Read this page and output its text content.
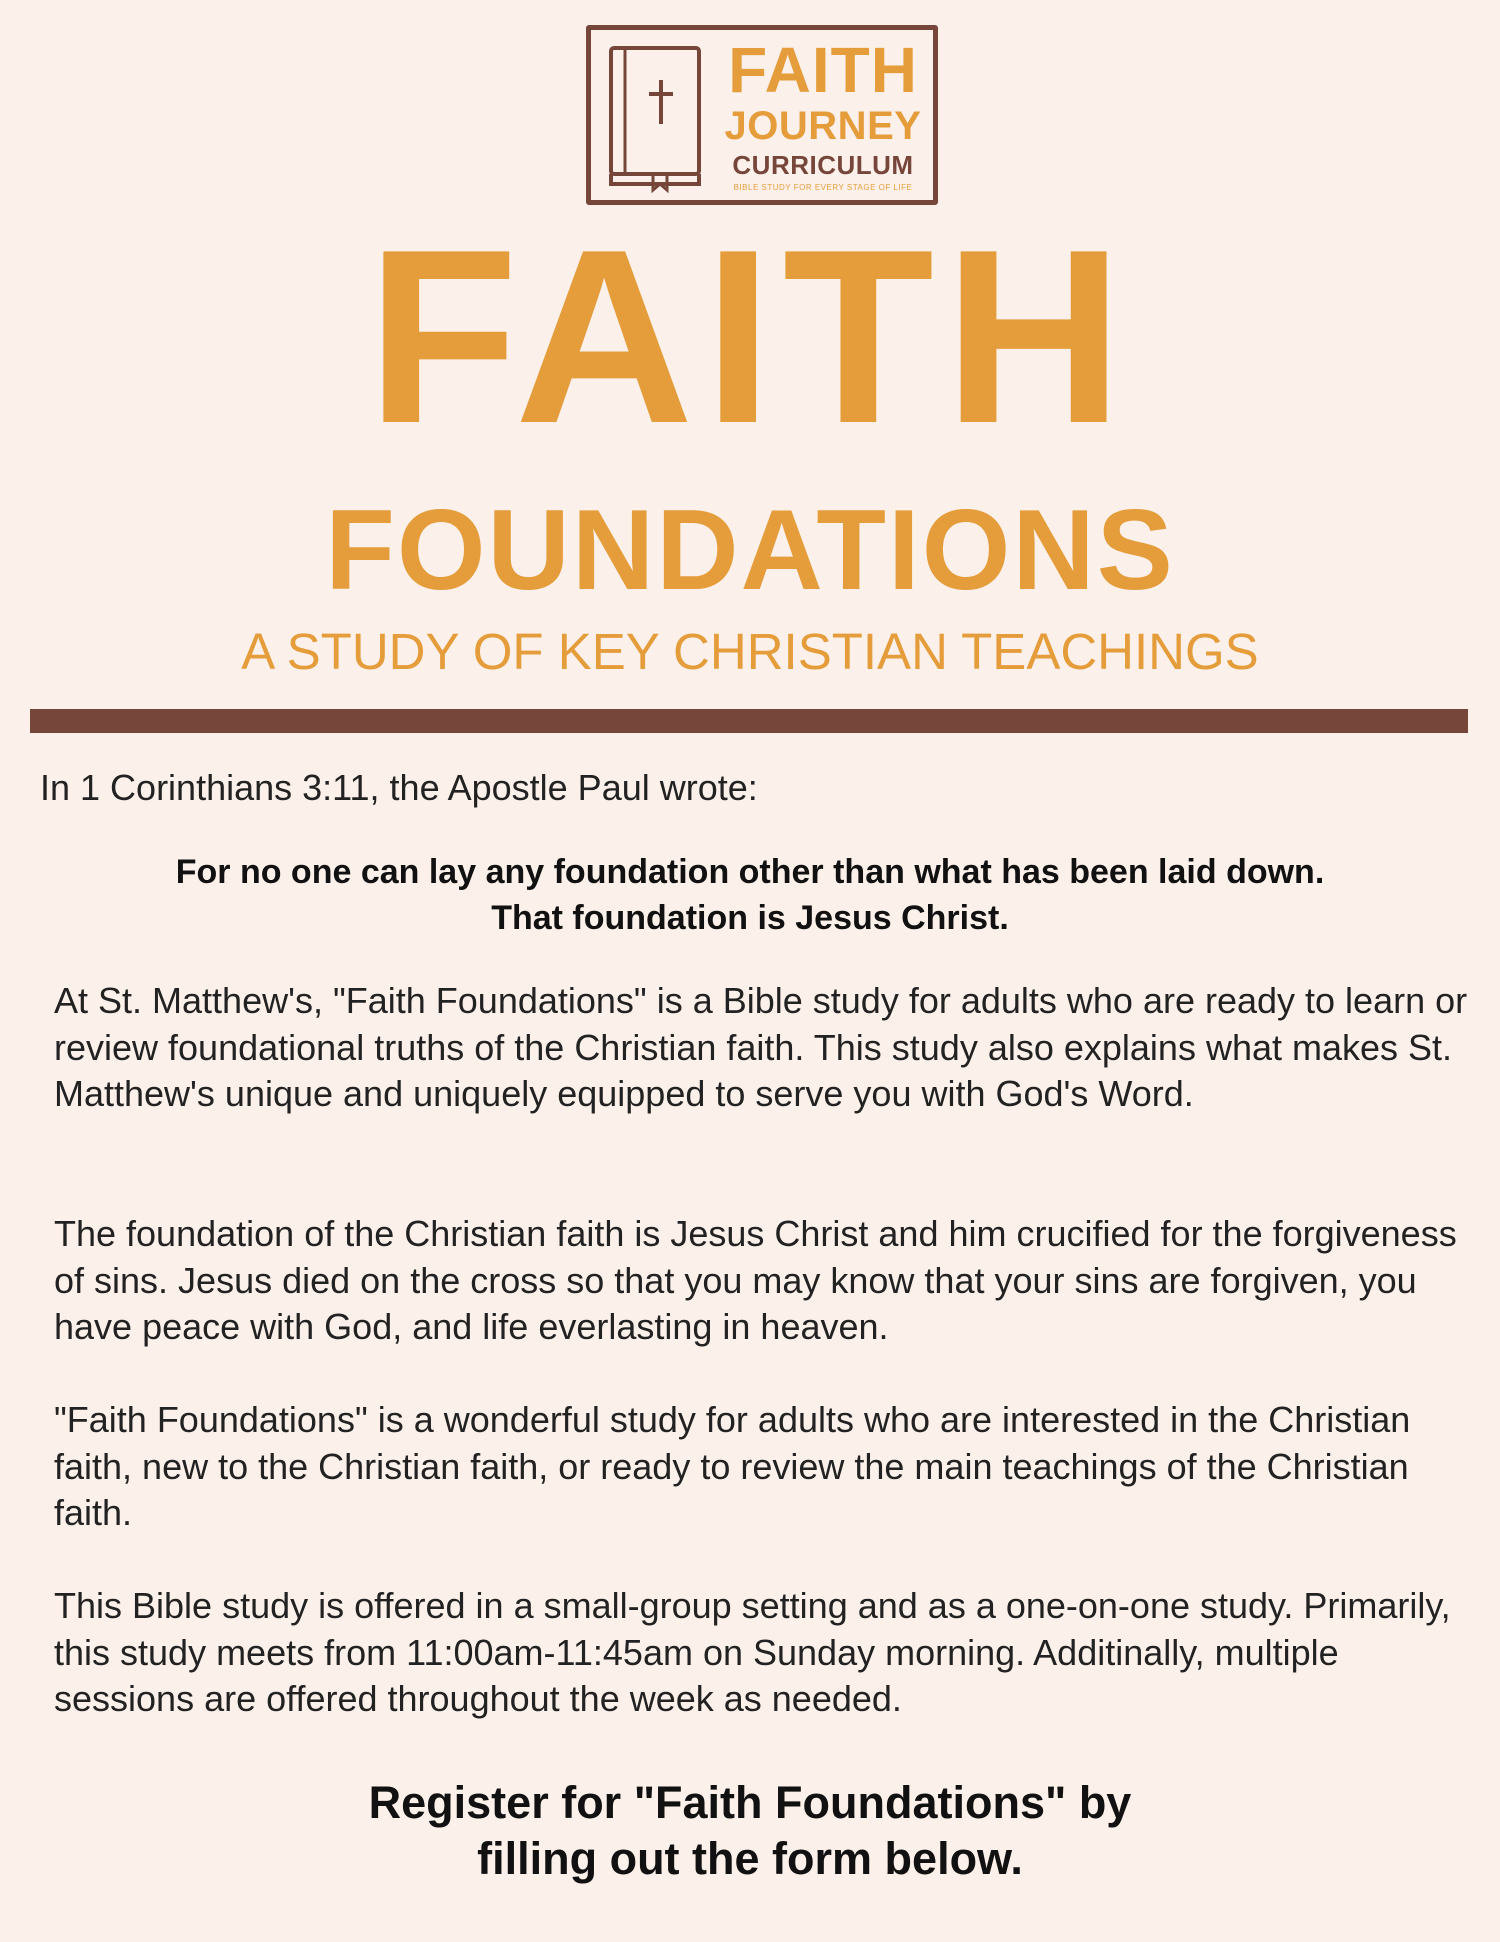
FAITH
JOURNEY
CURRICULUM
BIBLE STUDY FOR EVERY STAGE OF LIFE
FAITH
FOUNDATIONS
A STUDY OF KEY CHRISTIAN TEACHINGS
In 1 Corinthians 3:11, the Apostle Paul wrote:

For no one can lay any foundation other than what has been laid down.

That foundation is Jesus Christ.

At St. Matthew's, "Faith Foundations" is a Bible study for adults who are ready to learn or review foundational truths of the Christian faith. This study also explains what makes St. Matthew's unique and uniquely equipped to serve you with God's Word.

The foundation of the Christian faith is Jesus Christ and him crucified for the forgiveness of sins. Jesus died on the cross so that you may know that your sins are forgiven, you have peace with God, and life everlasting in heaven.

"Faith Foundations" is a wonderful study for adults who are interested in the Christian faith, new to the Christian faith, or ready to review the main teachings of the Christian faith.

This Bible study is offered in a small-group setting and as a one-on-one study. Primarily, this study meets from 11:00am-11:45am on Sunday morning. Additinally, multiple sessions are offered throughout the week as needed.

Register for "Faith Foundations" by

filling out the form below.
